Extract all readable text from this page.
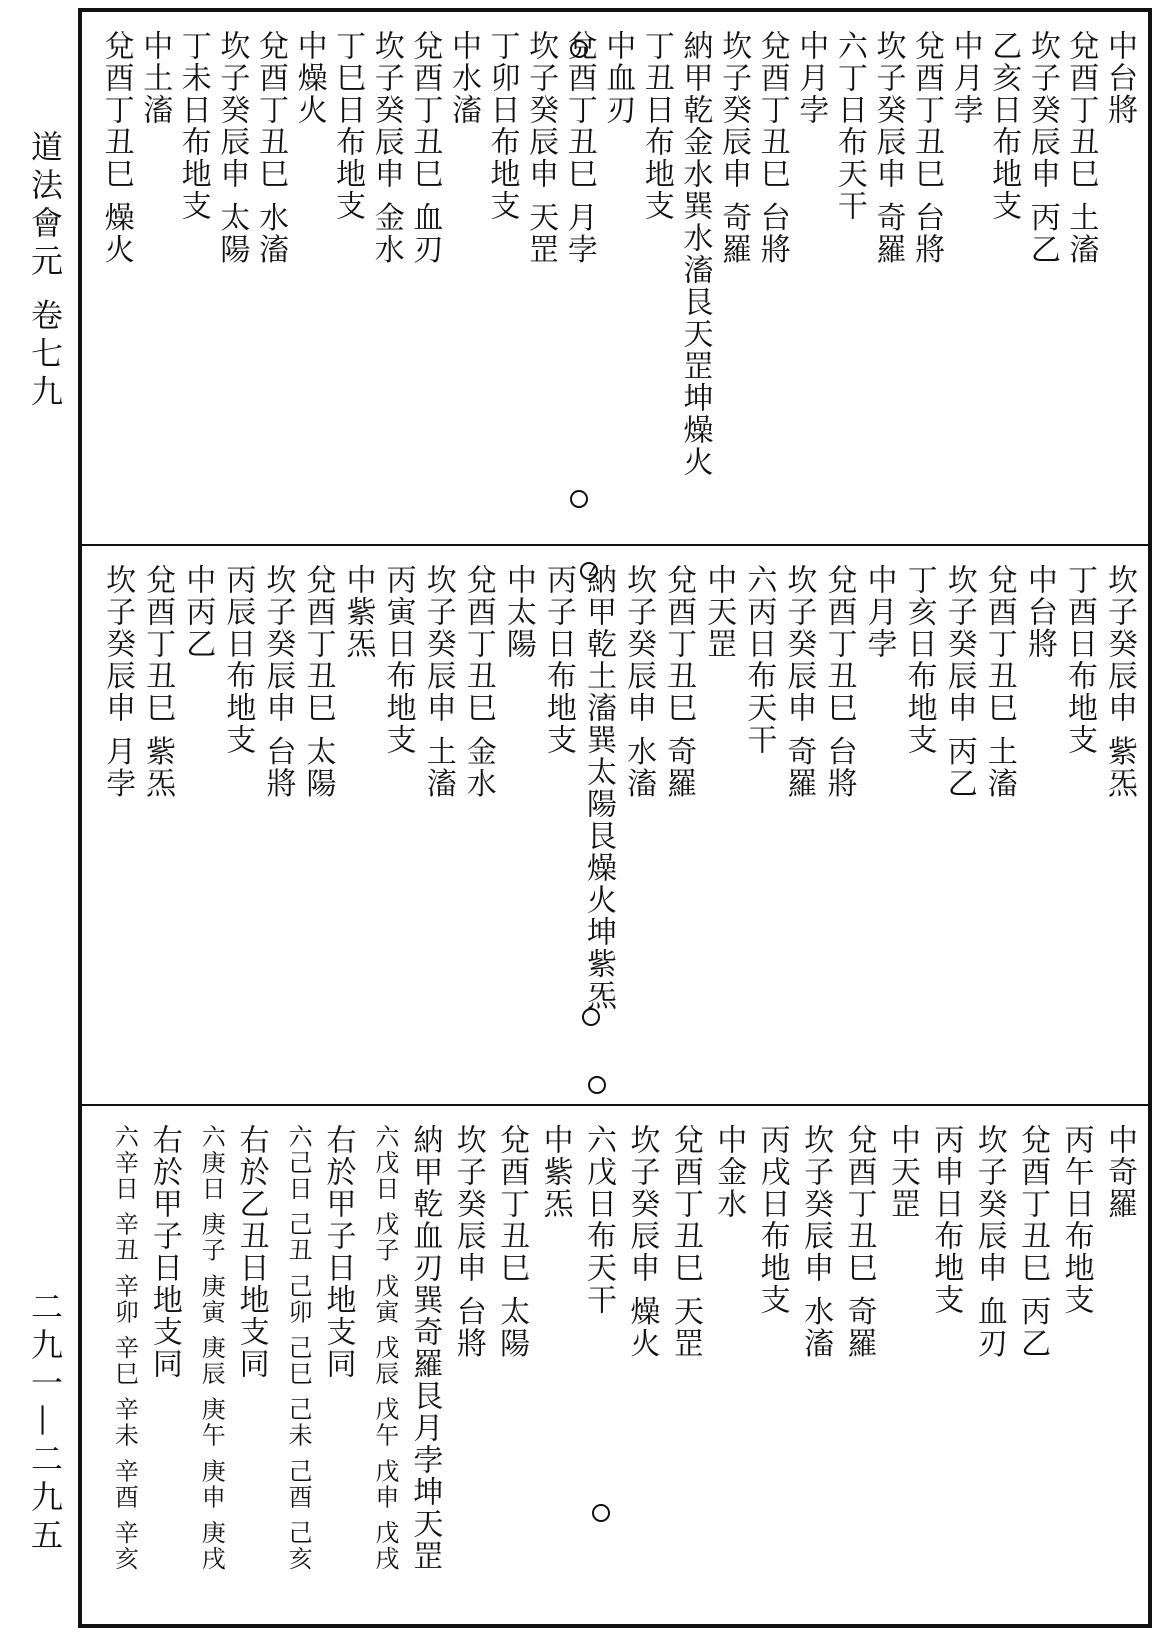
道法會元 卷七九
二九一—二九五
中台將
兌酉丁丑巳 土滀
坎子癸辰申 丙乙
乙亥日布地支
中月孛
兌酉丁丑巳 台將
坎子癸辰申 奇羅
六丁日布天干
中月孛
兌酉丁丑巳 台將
坎子癸辰申 奇羅
納甲乾金水巽水滀艮天罡坤燥火
丁丑日布地支
中血刃
兌酉丁丑巳 月孛
坎子癸辰申 天罡
丁卯日布地支
中水滀
兌酉丁丑巳 血刃
坎子癸辰申 金水
丁巳日布地支
中燥火
兌酉丁丑巳 水滀
坎子癸辰申 太陽
丁未日布地支
中土滀
兌酉丁丑巳 燥火
坎子癸辰申 紫炁
丁酉日布地支
中台將
兌酉丁丑巳 土滀
坎子癸辰申 丙乙
丁亥日布地支
中月孛
兌酉丁丑巳 台將
坎子癸辰申 奇羅
六丙日布天干
中天罡
兌酉丁丑巳 奇羅
坎子癸辰申 水滀
納甲乾土滀巽太陽艮燥火坤紫炁
丙子日布地支
中太陽
兌酉丁丑巳 金水
坎子癸辰申 土滀
丙寅日布地支
中紫炁
兌酉丁丑巳 太陽
坎子癸辰申 台將
丙辰日布地支
中丙乙
兌酉丁丑巳 紫炁
坎子癸辰申 月孛
中奇羅
丙午日布地支
兌酉丁丑巳 丙乙
坎子癸辰申 血刃
丙申日布地支
中天罡
兌酉丁丑巳 奇羅
坎子癸辰申 水滀
丙戌日布地支
中金水
兌酉丁丑巳 天罡
坎子癸辰申 燥火
六戊日布天干
中紫炁
兌酉丁丑巳 太陽
坎子癸辰申 台將
納甲乾血刃巽奇羅艮月孛坤天罡
六戊日 戊子 戊寅 戊辰 戊午 戊申 戊戌
右於甲子日地支同
六己日 己丑 己卯 己巳 己未 己酉 己亥
右於乙丑日地支同
六庚日 庚子 庚寅 庚辰 庚午 庚申 庚戌
右於甲子日地支同
六辛日 辛丑 辛卯 辛巳 辛未 辛酉 辛亥
